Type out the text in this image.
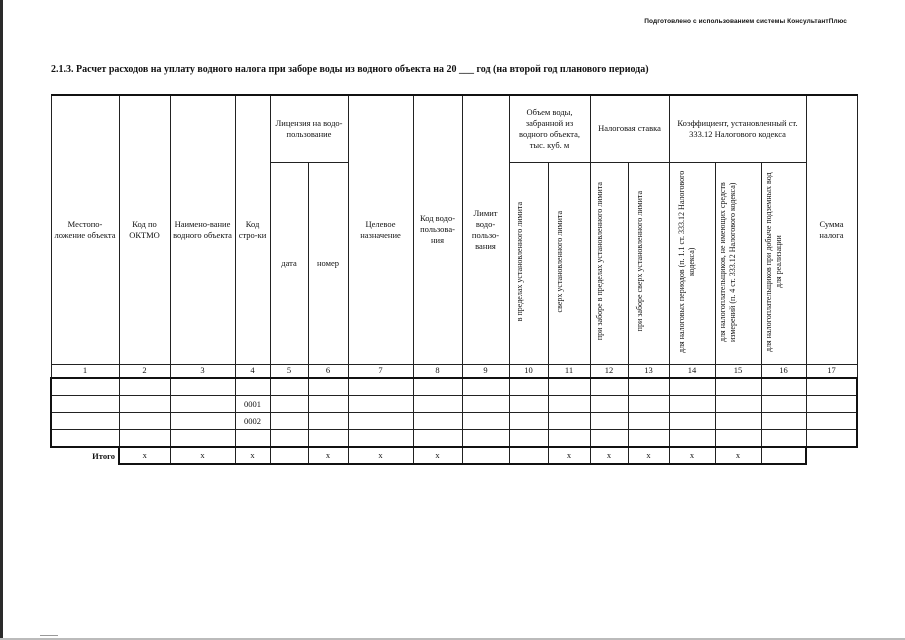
Подготовлено с использованием системы КонсультантПлюс
2.1.3. Расчет расходов на уплату водного налога при заборе воды из водного объекта на 20 ___ год (на второй год планового периода)
Местопо-ложение объекта	Код по ОКТМО	Наимено-вание водного объекта	Код стро-ки	Лицензия на водо-пользование		Целевое назначение	Код водо-пользова-ния	Лимит водо-пользо-вания	Объем воды, забранной из водного объекта, тыс. куб. м		Налоговая ставка		Коэффициент, установленный ст. 333.12 Налогового кодекса			Сумма налога
				дата	номер				в пределах установленного лимита	сверх установленного лимита	при заборе в пределах установленного лимита	при заборе сверх установленного лимита	для налоговых периодов (п. 1.1 ст. 333.12 Налогового кодекса)	для налогоплательщиков, не имеющих средств измерений (п. 4 ст. 333.12 Налогового кодекса)	для налогоплательщиков при добыче подземных вод для реализации	
1	2	3	4	5	6	7	8	9	10	11	12	13	14	15	16	17

			0001													
			0002													

Итого	x	x	x		x	x	x			x	x	x	x	x		
